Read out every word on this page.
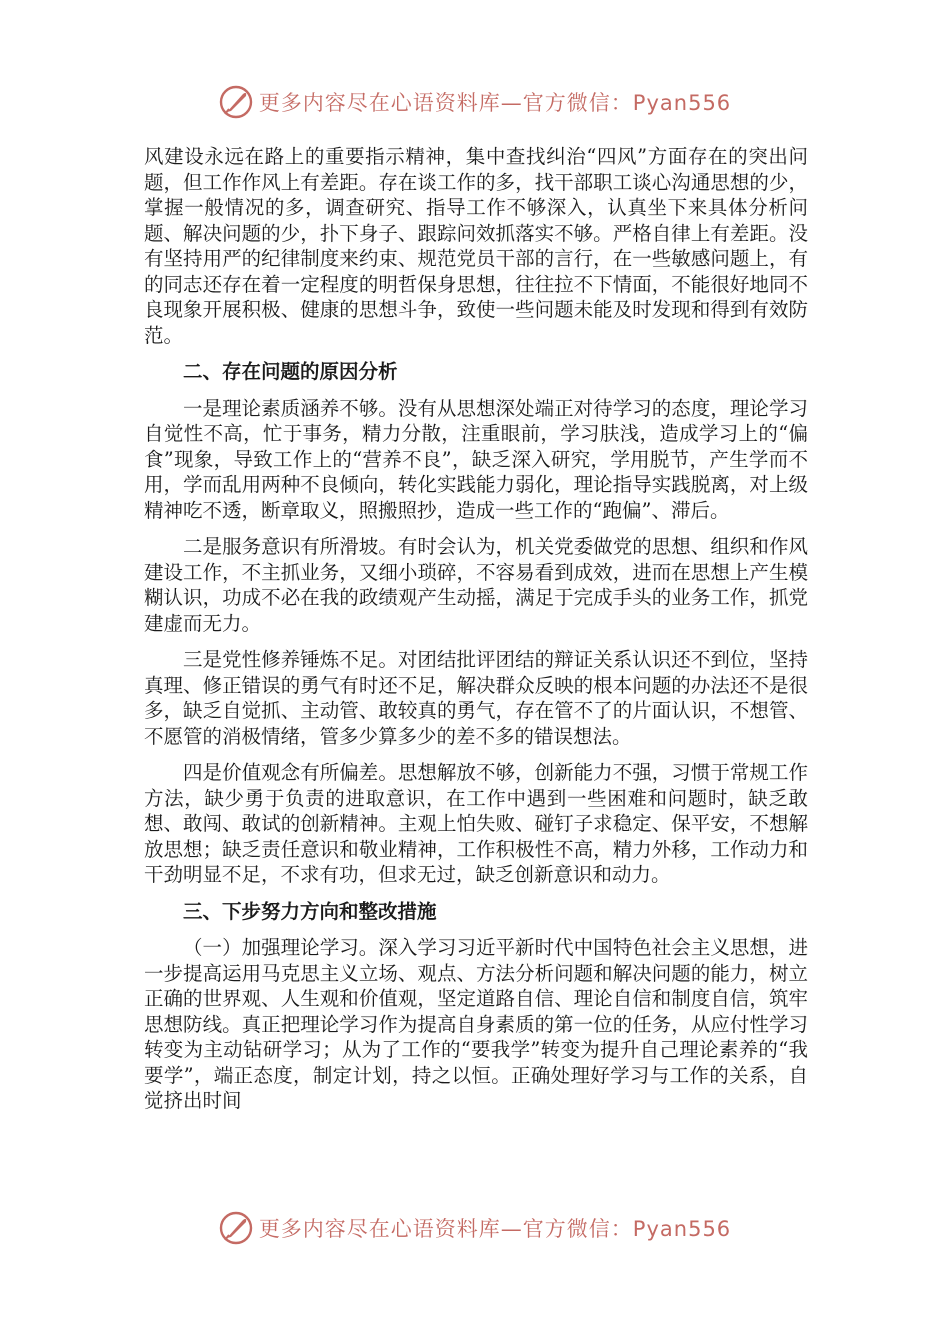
更多内容尽在心语资料库—官方微信：Pyan556

风建设永远在路上的重要指示精神，集中查找纠治“四风”方面存在的突出问题，但工作作风上有差距。存在谈工作的多，找干部职工谈心沟通思想的少，掌握一般情况的多，调查研究、指导工作不够深入，认真坐下来具体分析问题、解决问题的少，扑下身子、跟踪问效抓落实不够。严格自律上有差距。没有坚持用严的纪律制度来约束、规范党员干部的言行，在一些敏感问题上，有的同志还存在着一定程度的明哲保身思想，往往拉不下情面，不能很好地同不良现象开展积极、健康的思想斗争，致使一些问题未能及时发现和得到有效防范。

二、存在问题的原因分析

一是理论素质涵养不够。没有从思想深处端正对待学习的态度，理论学习自觉性不高，忙于事务，精力分散，注重眼前，学习肤浅，造成学习上的“偏食”现象，导致工作上的“营养不良”，缺乏深入研究，学用脱节，产生学而不用，学而乱用两种不良倾向，转化实践能力弱化，理论指导实践脱离，对上级精神吃不透，断章取义，照搬照抄，造成一些工作的“跑偏”、滞后。

二是服务意识有所滑坡。有时会认为，机关党委做党的思想、组织和作风建设工作，不主抓业务，又细小琐碎，不容易看到成效，进而在思想上产生模糊认识，功成不必在我的政绩观产生动摇，满足于完成手头的业务工作，抓党建虚而无力。

三是党性修养锤炼不足。对团结批评团结的辩证关系认识还不到位，坚持真理、修正错误的勇气有时还不足，解决群众反映的根本问题的办法还不是很多，缺乏自觉抓、主动管、敢较真的勇气，存在管不了的片面认识，不想管、不愿管的消极情绪，管多少算多少的差不多的错误想法。

四是价值观念有所偏差。思想解放不够，创新能力不强，习惯于常规工作方法，缺少勇于负责的进取意识，在工作中遇到一些困难和问题时，缺乏敢想、敢闯、敢试的创新精神。主观上怕失败、碰钉子求稳定、保平安，不想解放思想；缺乏责任意识和敬业精神，工作积极性不高，精力外移，工作动力和干劲明显不足，不求有功，但求无过，缺乏创新意识和动力。

三、下步努力方向和整改措施

（一）加强理论学习。深入学习习近平新时代中国特色社会主义思想，进一步提高运用马克思主义立场、观点、方法分析问题和解决问题的能力，树立正确的世界观、人生观和价值观，坚定道路自信、理论自信和制度自信，筑牢思想防线。真正把理论学习作为提高自身素质的第一位的任务，从应付性学习转变为主动钻研学习；从为了工作的“要我学”转变为提升自己理论素养的“我要学”，端正态度，制定计划，持之以恒。正确处理好学习与工作的关系，自觉挤出时间

更多内容尽在心语资料库—官方微信：Pyan556
